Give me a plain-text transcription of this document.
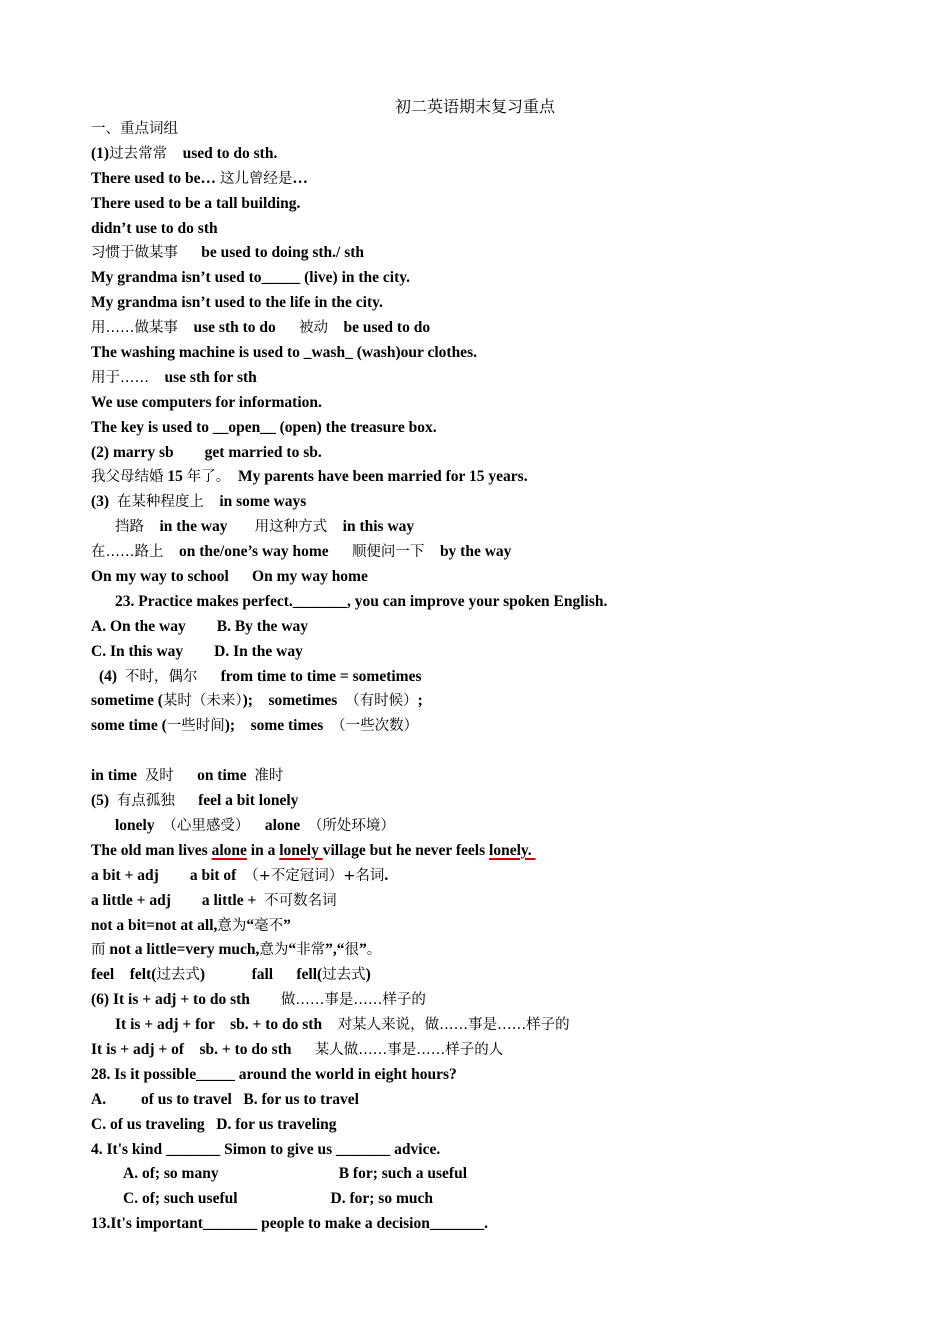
初二英语期末复习重点
一、重点词组
(1)过去常常    used to do sth.
There used to be… 这儿曾经是…
There used to be a tall building.
didn’t use to do sth
习惯于做某事      be used to doing sth./ sth
My grandma isn’t used to_____ (live) in the city.
My grandma isn’t used to the life in the city.
用……做某事    use sth to do      被动    be used to do
The washing machine is used to _wash_ (wash)our clothes.
用于……    use sth for sth
We use computers for information.
The key is used to __open__ (open) the treasure box.
(2) marry sb        get married to sb.
我父母结婚 15 年了。  My parents have been married for 15 years.
(3)  在某种程度上    in some ways
挡路    in the way       用这种方式    in this way
在……路上    on the/one’s way home      顺便问一下    by the way
On my way to school      On my way home
23. Practice makes perfect._______, you can improve your spoken English.
A. On the way        B. By the way
C. In this way        D. In the way
(4)  不时，偶尔      from time to time = sometimes
sometime (某时（未来）);    sometimes  （有时候）;
some time (一些时间);    some times  （一些次数）
in time  及时      on time  准时
(5)  有点孤独      feel a bit lonely
lonely  （心里感受）    alone  （所处环境）
The old man lives alone in a lonely village but he never feels lonely.
a bit + adj        a bit of  （+不定冠词）+名词.
a little + adj        a little +  不可数名词
not a bit=not at all,意为“毫不”
而 not a little=very much,意为“非常”,“很”。
feel    felt(过去式)            fall      fell(过去式)
(6) It is + adj + to do sth        做……事是……样子的
It is + adj + for    sb. + to do sth    对某人来说，做……事是……样子的
It is + adj + of    sb. + to do sth      某人做……事是……样子的人
28. Is it possible_____ around the world in eight hours?
A.         of us to travel   B. for us to travel
C. of us traveling   D. for us traveling
4. It's kind _______ Simon to give us _______ advice.
A. of; so many                               B for; such a useful
C. of; such useful                        D. for; so much
13.It's important_______ people to make a decision_______.
